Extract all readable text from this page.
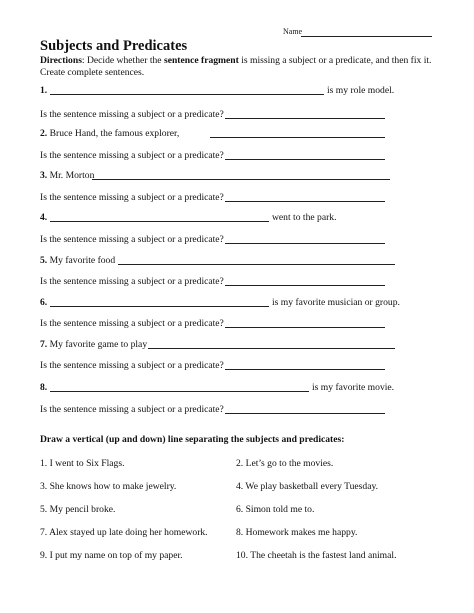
Name
Subjects and Predicates
Directions: Decide whether the sentence fragment is missing a subject or a predicate, and then fix it.
Create complete sentences.
1.	is my role model.
Is the sentence missing a subject or a predicate?
2. Bruce Hand, the famous explorer,
Is the sentence missing a subject or a predicate?
3. Mr. Morton
Is the sentence missing a subject or a predicate?
4.	went to the park.
Is the sentence missing a subject or a predicate?
5. My favorite food
Is the sentence missing a subject or a predicate?
6.	is my favorite musician or group.
Is the sentence missing a subject or a predicate?
7. My favorite game to play
Is the sentence missing a subject or a predicate?
8.	is my favorite movie.
Is the sentence missing a subject or a predicate?
Draw a vertical (up and down) line separating the subjects and predicates:
1. I went to Six Flags.	2. Let’s go to the movies.
3. She knows how to make jewelry.	4. We play basketball every Tuesday.
5. My pencil broke.	6. Simon told me to.
7. Alex stayed up late doing her homework.	8. Homework makes me happy.
9. I put my name on top of my paper.	10. The cheetah is the fastest land animal.
